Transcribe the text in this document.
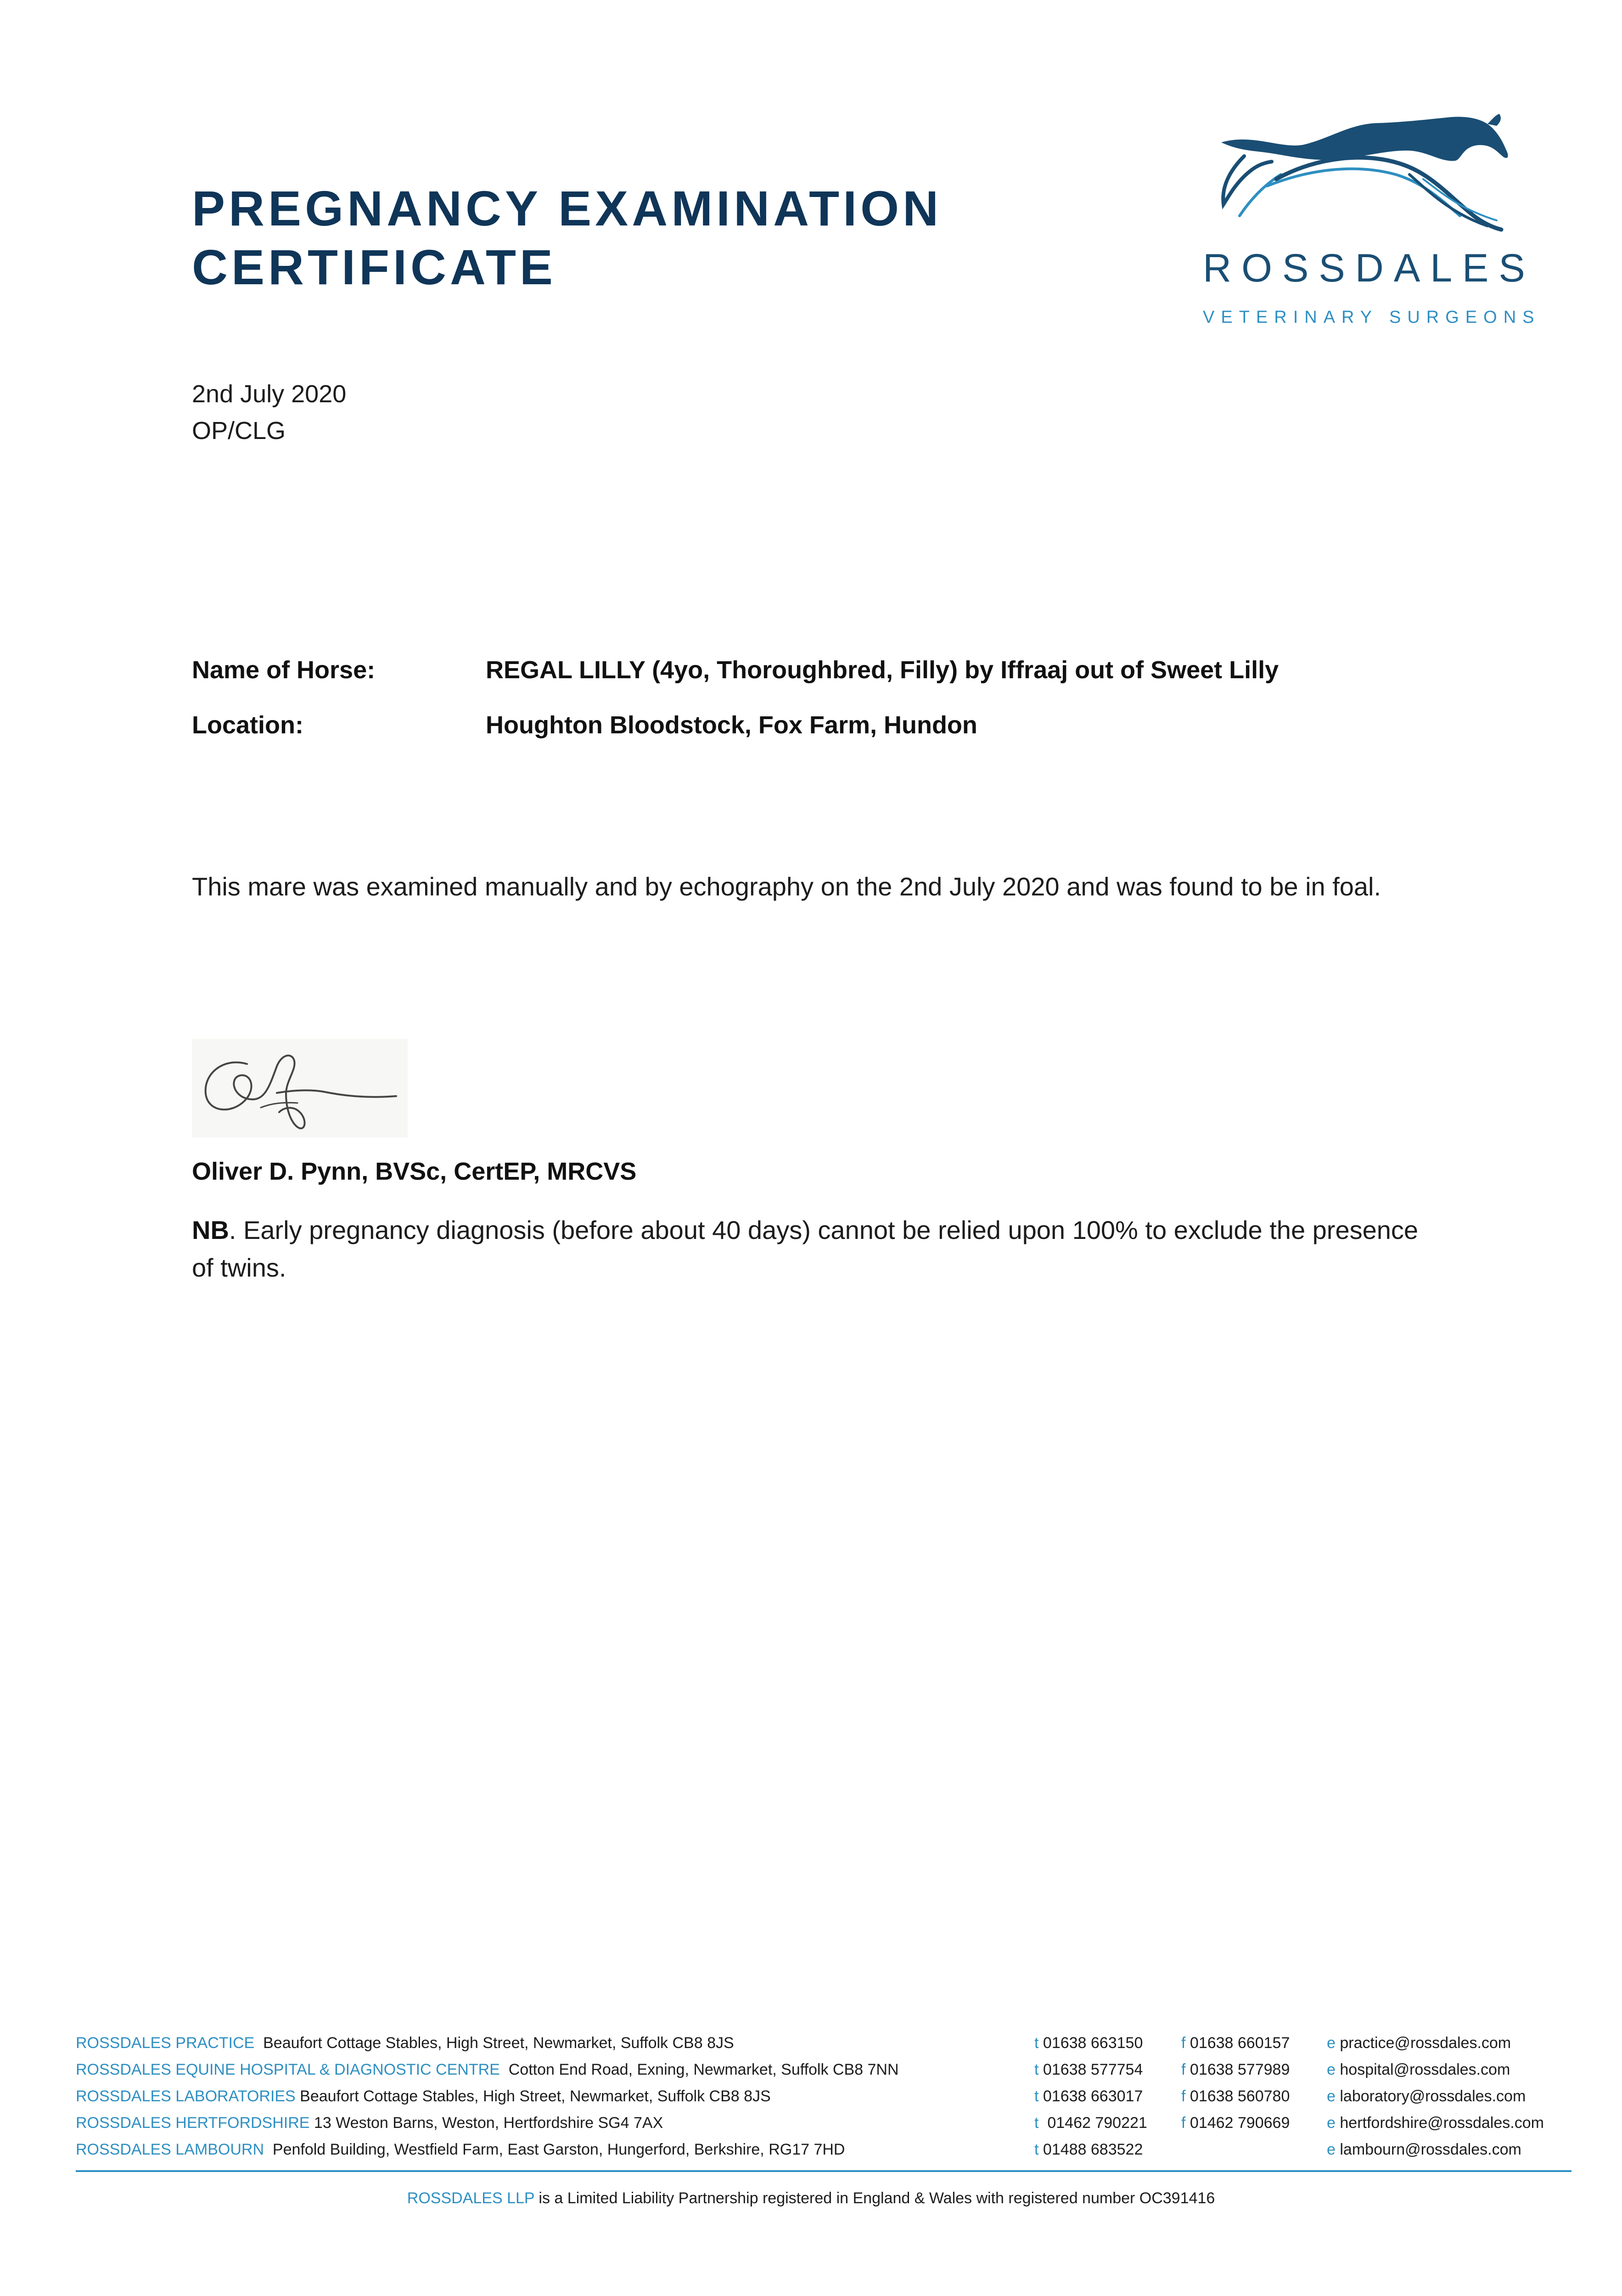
PREGNANCY EXAMINATION
CERTIFICATE	ROSSDALES
VETERINARY SURGEONS
2nd July 2020
OP/CLG
Name of Horse:	REGAL LILLY (4yo, Thoroughbred, Filly) by Iffraaj out of Sweet Lilly
Location:	Houghton Bloodstock, Fox Farm, Hundon
This mare was examined manually and by echography on the 2nd July 2020 and was found to be in foal.
Oliver D. Pynn, BVSc, CertEP, MRCVS
NB. Early pregnancy diagnosis (before about 40 days) cannot be relied upon 100% to exclude the presence of twins.
ROSSDALES PRACTICE Beaufort Cottage Stables, High Street, Newmarket, Suffolk CB8 8JS	t 01638 663150 f 01638 660157 e practice@rossdales.com
ROSSDALES EQUINE HOSPITAL & DIAGNOSTIC CENTRE Cotton End Road, Exning, Newmarket, Suffolk CB8 7NN	t 01638 577754 f 01638 577989 e hospital@rossdales.com
ROSSDALES LABORATORIES Beaufort Cottage Stables, High Street, Newmarket, Suffolk CB8 8JS	t 01638 663017 f 01638 560780 e laboratory@rossdales.com
ROSSDALES HERTFORDSHIRE 13 Weston Barns, Weston, Hertfordshire SG4 7AX	t 01462 790221 f 01462 790669 e hertfordshire@rossdales.com
ROSSDALES LAMBOURN Penfold Building, Westfield Farm, East Garston, Hungerford, Berkshire, RG17 7HD	t 01488 683522	e lambourn@rossdales.com
ROSSDALES LLP is a Limited Liability Partnership registered in England & Wales with registered number OC391416
